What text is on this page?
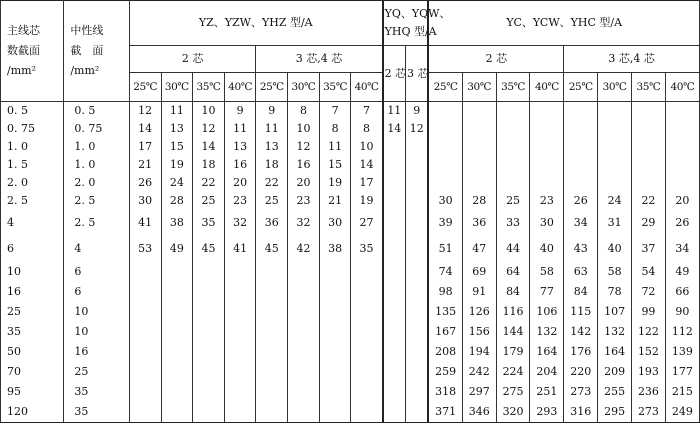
主线芯
数截面
/mm²	中性线
截　面
/mm²	YZ、YZW、YHZ 型/A								YQ、YQW、
YHQ 型/A		YC、YCW、YHC 型/A							
		2 芯				3 芯,4 芯				2 芯	3 芯	2 芯				3 芯,4 芯			
		25℃	30℃	35℃	40℃	25℃	30℃	35℃	40℃			25℃	30℃	35℃	40℃	25℃	30℃	35℃	40℃
0. 5	0. 5	12	11	10	9	9	8	7	7	11	9								
0. 75	0. 75	14	13	12	11	11	10	8	8	14	12								
1. 0	1. 0	17	15	14	13	13	12	11	10										
1. 5	1. 0	21	19	18	16	18	16	15	14										
2. 0	2. 0	26	24	22	20	22	20	19	17										
2. 5	2. 5	30	28	25	23	25	23	21	19			30	28	25	23	26	24	22	20
4	2. 5	41	38	35	32	36	32	30	27			39	36	33	30	34	31	29	26
6	4	53	49	45	41	45	42	38	35			51	47	44	40	43	40	37	34
10	6											74	69	64	58	63	58	54	49
16	6											98	91	84	77	84	78	72	66
25	10											135	126	116	106	115	107	99	90
35	10											167	156	144	132	142	132	122	112
50	16											208	194	179	164	176	164	152	139
70	25											259	242	224	204	220	209	193	177
95	35											318	297	275	251	273	255	236	215
120	35											371	346	320	293	316	295	273	249
